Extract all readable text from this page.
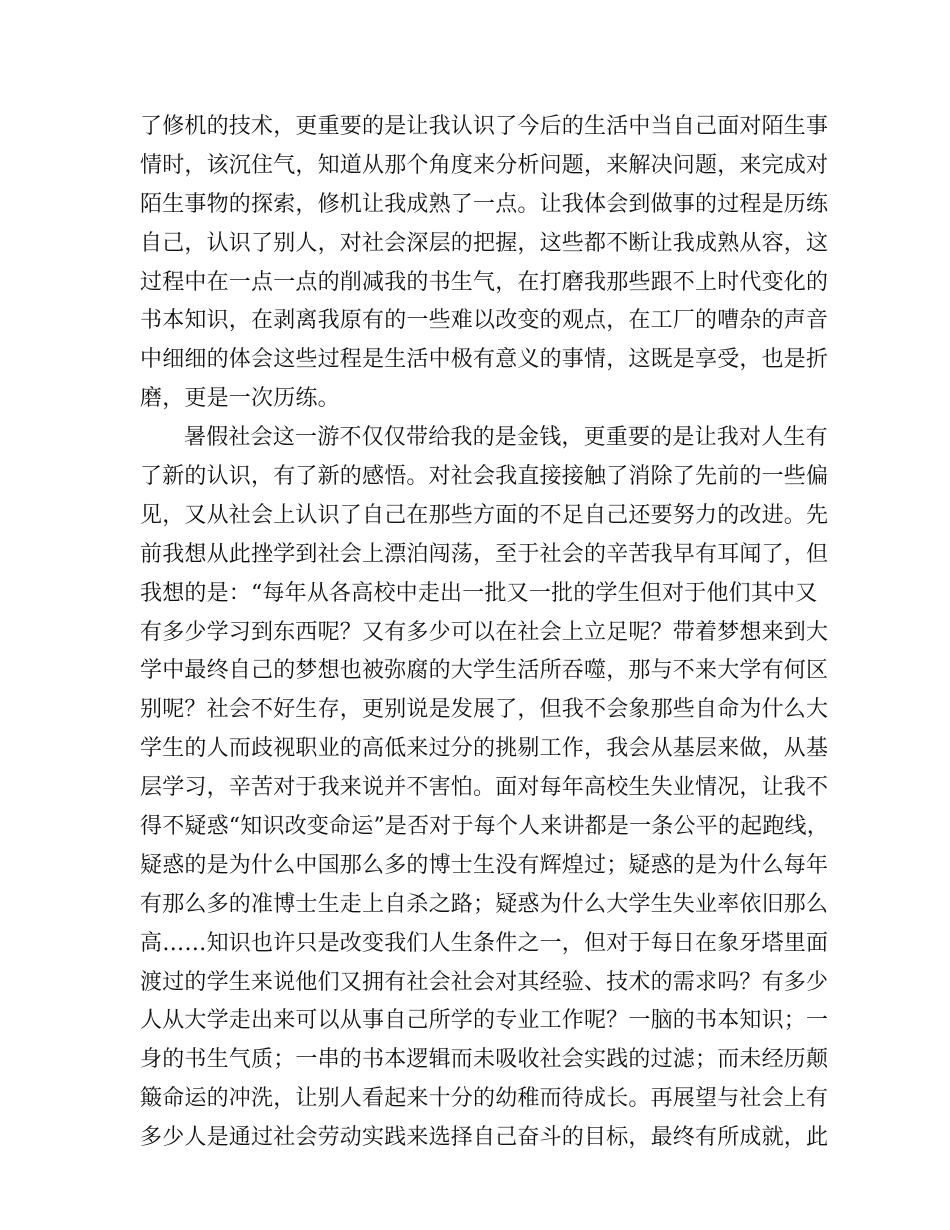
了修机的技术，更重要的是让我认识了今后的生活中当自己面对陌生事
情时，该沉住气，知道从那个角度来分析问题，来解决问题，来完成对
陌生事物的探索，修机让我成熟了一点。让我体会到做事的过程是历练
自己，认识了别人，对社会深层的把握，这些都不断让我成熟从容，这
过程中在一点一点的削减我的书生气，在打磨我那些跟不上时代变化的
书本知识，在剥离我原有的一些难以改变的观点，在工厂的嘈杂的声音
中细细的体会这些过程是生活中极有意义的事情，这既是享受，也是折
磨，更是一次历练。
暑假社会这一游不仅仅带给我的是金钱，更重要的是让我对人生有
了新的认识，有了新的感悟。对社会我直接接触了消除了先前的一些偏
见，又从社会上认识了自己在那些方面的不足自己还要努力的改进。先
前我想从此挫学到社会上漂泊闯荡，至于社会的辛苦我早有耳闻了，但
我想的是：“每年从各高校中走出一批又一批的学生但对于他们其中又
有多少学习到东西呢？又有多少可以在社会上立足呢？带着梦想来到大
学中最终自己的梦想也被弥腐的大学生活所吞噬，那与不来大学有何区
别呢？社会不好生存，更别说是发展了，但我不会象那些自命为什么大
学生的人而歧视职业的高低来过分的挑剔工作，我会从基层来做，从基
层学习，辛苦对于我来说并不害怕。面对每年高校生失业情况，让我不
得不疑惑“知识改变命运”是否对于每个人来讲都是一条公平的起跑线，
疑惑的是为什么中国那么多的博士生没有辉煌过；疑惑的是为什么每年
有那么多的准博士生走上自杀之路；疑惑为什么大学生失业率依旧那么
高……知识也许只是改变我们人生条件之一，但对于每日在象牙塔里面
渡过的学生来说他们又拥有社会社会对其经验、技术的需求吗？有多少
人从大学走出来可以从事自己所学的专业工作呢？一脑的书本知识；一
身的书生气质；一串的书本逻辑而未吸收社会实践的过滤；而未经历颠
簸命运的冲洗，让别人看起来十分的幼稚而待成长。再展望与社会上有
多少人是通过社会劳动实践来选择自己奋斗的目标，最终有所成就，此
